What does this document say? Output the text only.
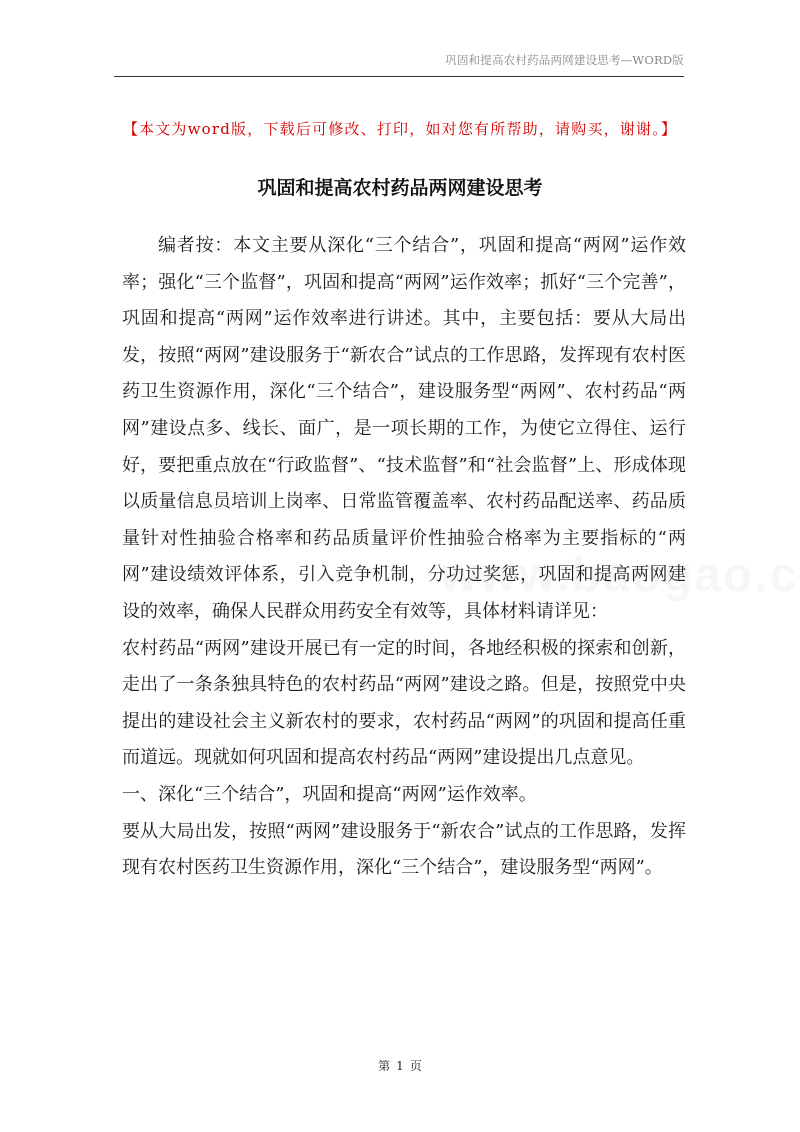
巩固和提高农村药品两网建设思考—WORD版
【本文为word版，下载后可修改、打印，如对您有所帮助，请购买，谢谢。】
巩固和提高农村药品两网建设思考

编者按：本文主要从深化“三个结合”，巩固和提高“两网”运作效率；强化“三个监督”，巩固和提高“两网”运作效率；抓好“三个完善”，巩固和提高“两网”运作效率进行讲述。其中，主要包括：要从大局出发，按照“两网”建设服务于“新农合”试点的工作思路，发挥现有农村医药卫生资源作用，深化“三个结合”，建设服务型“两网”、农村药品“两网”建设点多、线长、面广，是一项长期的工作，为使它立得住、运行好，要把重点放在“行政监督”、“技术监督”和“社会监督”上、形成体现以质量信息员培训上岗率、日常监管覆盖率、农村药品配送率、药品质量针对性抽验合格率和药品质量评价性抽验合格率为主要指标的“两网”建设绩效评体系，引入竞争机制，分功过奖惩，巩固和提高两网建设的效率，确保人民群众用药安全有效等，具体材料请详见：

农村药品“两网”建设开展已有一定的时间，各地经积极的探索和创新，走出了一条条独具特色的农村药品“两网”建设之路。但是，按照党中央提出的建设社会主义新农村的要求，农村药品“两网”的巩固和提高任重而道远。现就如何巩固和提高农村药品“两网”建设提出几点意见。

一、深化“三个结合”，巩固和提高“两网”运作效率。

要从大局出发，按照“两网”建设服务于“新农合”试点的工作思路，发挥现有农村医药卫生资源作用，深化“三个结合”，建设服务型“两网”。

第 1 页
